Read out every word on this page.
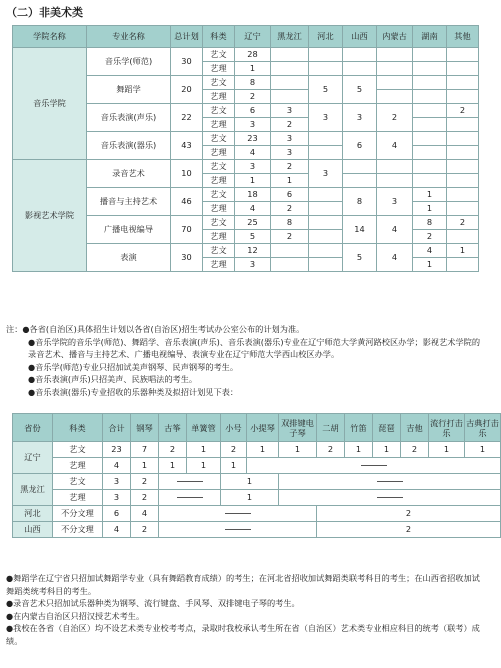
（二）非美术类
学院名称	专业名称	总计划	科类	辽宁	黑龙江	河北	山西	内蒙古	湖南	其他
音乐学院	音乐学(师范)	30	艺文	28						
			艺理	1						
	舞蹈学	20	艺文	8		5	5			
			艺理	2						
	音乐表演(声乐)	22	艺文	6	3	3	3	2		2
			艺理	3	2					
	音乐表演(器乐)	43	艺文	23	3		6	4		
			艺理	4	3					
影视艺术学院	录音艺术	10	艺文	3	2	3				
			艺理	1	1					
	播音与主持艺术	46	艺文	18	6		8	3	1	
			艺理	4	2				1	
	广播电视编导	70	艺文	25	8		14	4	8	2
			艺理	5	2				2	
	表演	30	艺文	12			5	4	4	1
			艺理	3					1	

注：●各省(自治区)具体招生计划以各省(自治区)招生考试办公室公布的计划为准。

●音乐学院的音乐学(师范)、舞蹈学、音乐表演(声乐)、音乐表演(器乐)专业在辽宁师范大学黄河路校区办学；影视艺术学院的录音艺术、播音与主持艺术、广播电视编导、表演专业在辽宁师范大学西山校区办学。

●音乐学(师范)专业只招加试美声钢琴、民声钢琴的考生。

●音乐表演(声乐)只招美声、民族唱法的考生。

●音乐表演(器乐)专业招收的乐器种类及拟招计划见下表：

省份	科类	合计	钢琴	古筝	单簧管	小号	小提琴	双排键电子琴	二胡	竹笛	琵琶	吉他	流行打击乐	古典打击乐
辽宁	艺文	23	7	2	1	2	1	1	2	1	1	2	1	1
	艺理	4	1	1	1	1								
黑龙江	艺文	3	2			1								
	艺理	3	2			1								
河北	不分文理	6	4						2					
山西	不分文理	4	2						2					

●舞蹈学在辽宁省只招加试舞蹈学专业（具有舞蹈教育成绩）的考生；在河北省招收加试舞蹈类联考科目的考生；在山西省招收加试舞蹈类统考科目的考生。

●录音艺术只招加试乐器种类为钢琴、流行键盘、手风琴、双排键电子琴的考生。

●在内蒙古自治区只招汉授艺术考生。

●我校在各省（自治区）均不设艺术类专业校考考点，录取时我校承认考生所在省（自治区）艺术类专业相应科目的统考（联考）成绩。
